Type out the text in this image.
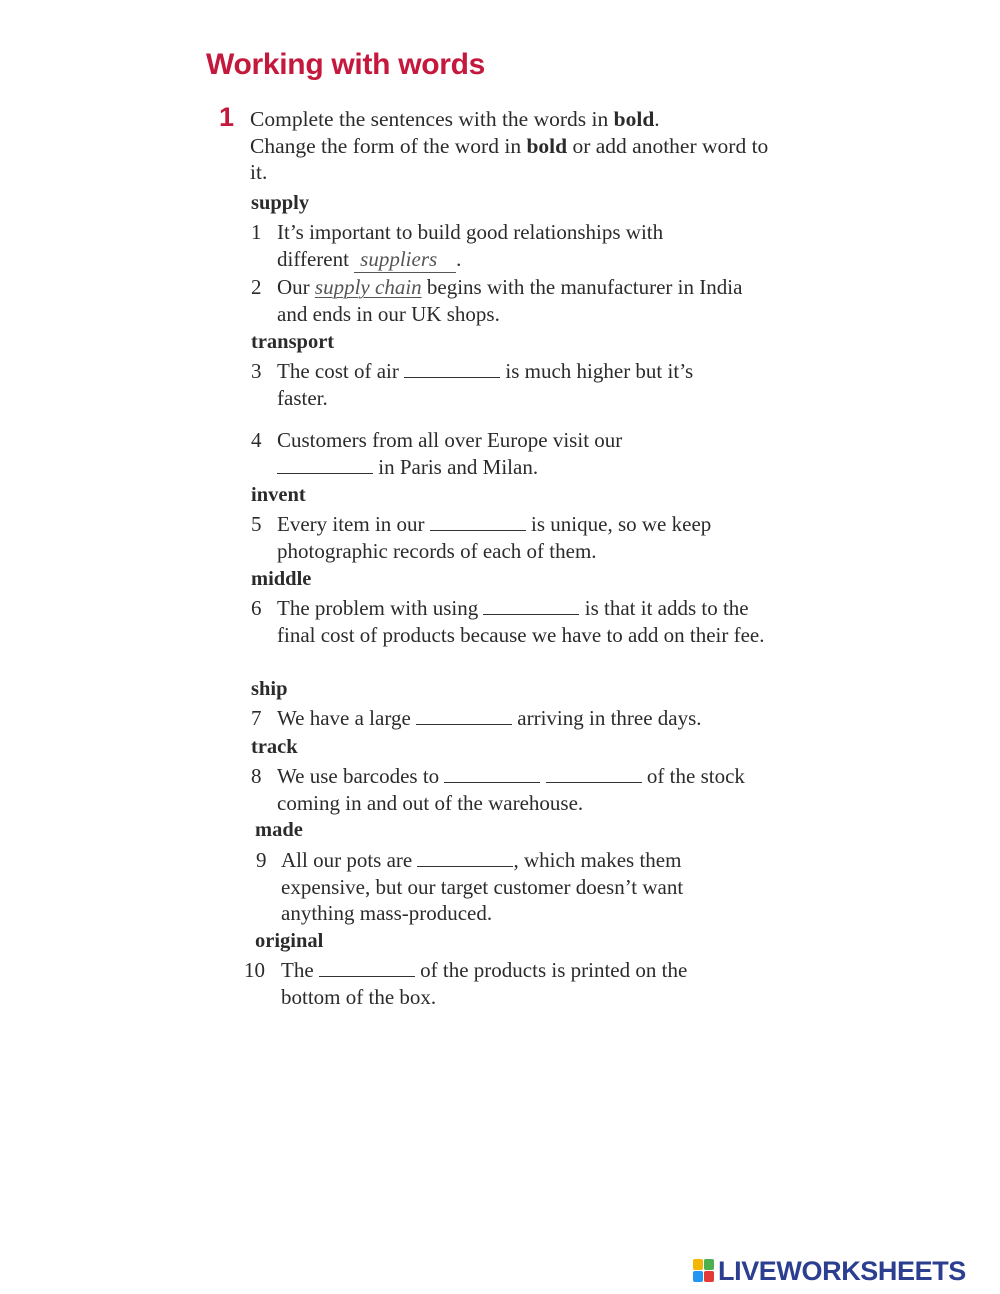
Working with words
1 Complete the sentences with the words in bold.
Change the form of the word in bold or add another word to it.
supply
transport
invent
middle
ship
track
made
original
1 It’s important to build good relationships with different suppliers .
2 Our supply chain begins with the manufacturer in India and ends in our UK shops.
3 The cost of air	is much higher but it’s faster.
4 Customers from all over Europe visit our  in Paris and Milan.
5 Every item in our	is unique, so we keep photographic records of each of them.
6 The problem with using	is that it adds to the final cost of products because we have to add on their fee.
7 We have a large	arriving in three days.
8 We use barcodes to	of the stock coming in and out of the warehouse.
9 All our pots are	, which makes them expensive, but our target customer doesn’t want anything mass-produced.
10 The	of the products is printed on the bottom of the box.
LIVEWORKSHEETS
